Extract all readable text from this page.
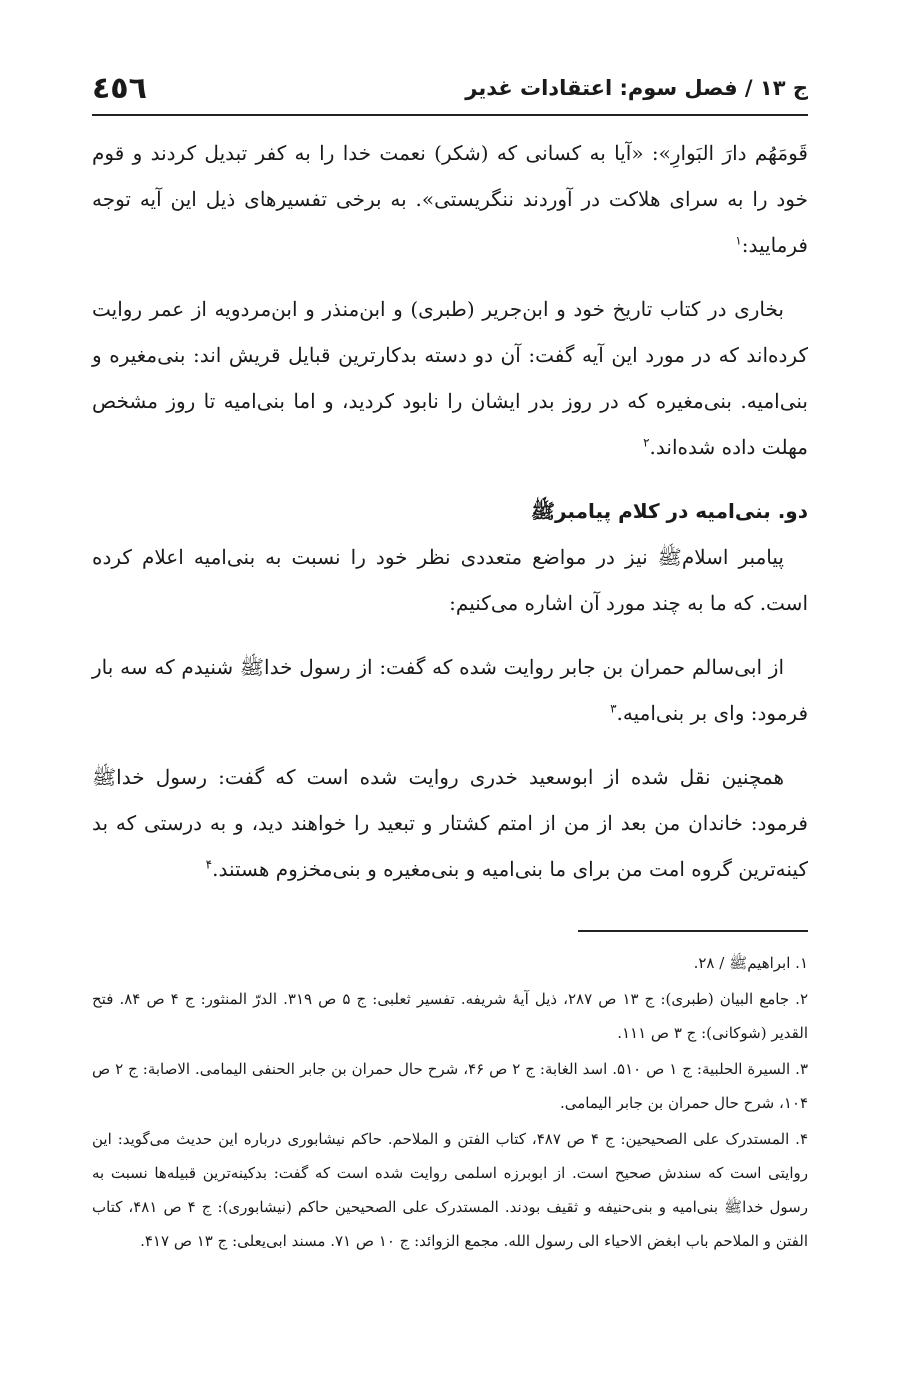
ج ۱۳ / فصل سوم: اعتقادات غدیر
٤٥٦

قَومَهُم دارَ البَوارِ»: «آیا به کسانی که (شکر) نعمت خدا را به کفر تبدیل کردند و قوم خود را به سرای هلاکت در آوردند ننگریستی». به برخی تفسیرهای ذیل این آیه توجه فرمایید:$^۱$

بخاری در کتاب تاریخ خود و ابن‌جریر (طبری) و ابن‌منذر و ابن‌مردویه از عمر روایت کرده‌اند که در مورد این آیه گفت: آن دو دسته بدکارترین قبایل قریش اند: بنی‌مغیره و بنی‌امیه. بنی‌مغیره که در روز بدر ایشان را نابود کردید، و اما بنی‌امیه تا روز مشخص مهلت داده شده‌اند.$^۲$

دو. بنی‌امیه در کلام پیامبرﷺ

پیامبر اسلامﷺ نیز در مواضع متعددی نظر خود را نسبت به بنی‌امیه اعلام کرده است. که ما به چند مورد آن اشاره می‌کنیم:

از ابی‌سالم حمران بن جابر روایت شده که گفت: از رسول خداﷺ شنیدم که سه بار فرمود: وای بر بنی‌امیه.$^۳$

همچنین نقل شده از ابوسعید خدری روایت شده است که گفت: رسول خداﷺ فرمود: خاندان من بعد از من از امتم کشتار و تبعید را خواهند دید، و به درستی که بد کینه‌ترین گروه امت من برای ما بنی‌امیه و بنی‌مغیره و بنی‌مخزوم هستند.$^۴$

۱. ابراهیمﷺ / ۲۸.

۲. جامع البیان (طبری): ج ۱۳ ص ۲۸۷، ذیل آیهٔ شریفه. تفسیر ثعلبی: ج ۵ ص ۳۱۹. الدرّ المنثور: ج ۴ ص ۸۴. فتح القدیر (شوکانی): ج ۳ ص ۱۱۱.

۳. السیرة الحلبیة: ج ۱ ص ۵۱۰. اسد الغابة: ج ۲ ص ۴۶، شرح حال حمران بن جابر الحنفی الیمامی. الاصابة: ج ۲ ص ۱۰۴، شرح حال حمران بن جابر الیمامی.

۴. المستدرک علی الصحیحین: ج ۴ ص ۴۸۷، کتاب الفتن و الملاحم. حاکم نیشابوری درباره این حدیث می‌گوید: این روایتی است که سندش صحیح است. از ابوبرزه اسلمی روایت شده است که گفت: بدکینه‌ترین قبیله‌ها نسبت به رسول خداﷺ بنی‌امیه و بنی‌حنیفه و ثقیف بودند. المستدرک علی الصحیحین حاکم (نیشابوری): ج ۴ ص ۴۸۱، کتاب الفتن و الملاحم باب ابغض الاحیاء الی رسول الله. مجمع الزوائد: ج ۱۰ ص ۷۱. مسند ابی‌یعلی: ج ۱۳ ص ۴۱۷.
